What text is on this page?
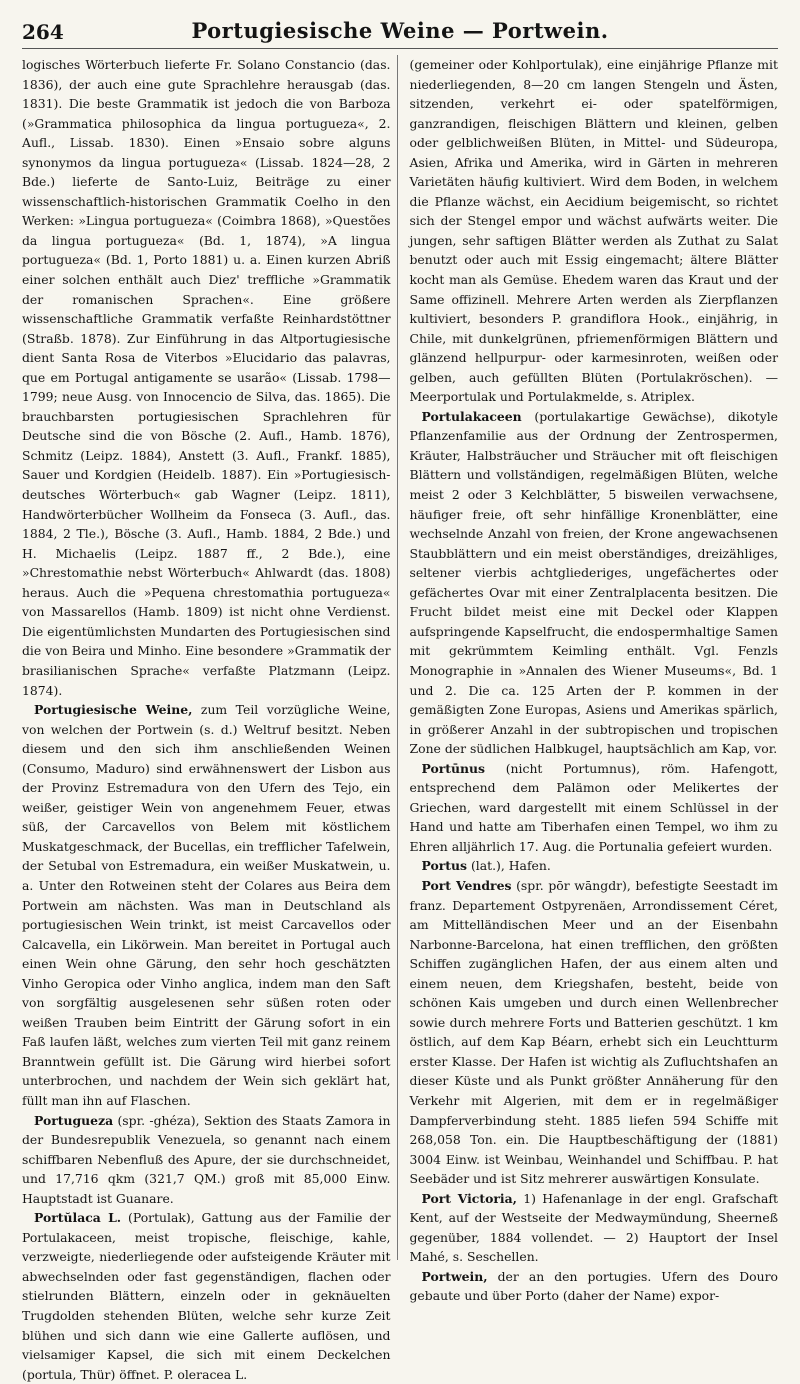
264	Portugiesische Weine — Portwein.

logisches Wörterbuch lieferte Fr. Solano Constancio (das. 1836), der auch eine gute Sprachlehre herausgab (das. 1831). Die beste Grammatik ist jedoch die von Barboza (»Grammatica philosophica da lingua portugueza«, 2. Aufl., Lissab. 1830). Einen »Ensaio sobre alguns synonymos da lingua portugueza« (Lissab. 1824—28, 2 Bde.) lieferte de Santo-Luiz, Beiträge zu einer wissenschaftlich-historischen Grammatik Coelho in den Werken: »Lingua portugueza« (Coimbra 1868), »Questões da lingua portugueza« (Bd. 1, 1874), »A lingua portugueza« (Bd. 1, Porto 1881) u. a. Einen kurzen Abriß einer solchen enthält auch Diez' treffliche »Grammatik der romanischen Sprachen«. Eine größere wissenschaftliche Grammatik verfaßte Reinhardstöttner (Straßb. 1878). Zur Einführung in das Altportugiesische dient Santa Rosa de Viterbos »Elucidario das palavras, que em Portugal antigamente se usarão« (Lissab. 1798—1799; neue Ausg. von Innocencio de Silva, das. 1865). Die brauchbarsten portugiesischen Sprachlehren für Deutsche sind die von Bösche (2. Aufl., Hamb. 1876), Schmitz (Leipz. 1884), Anstett (3. Aufl., Frankf. 1885), Sauer und Kordgien (Heidelb. 1887). Ein »Portugiesisch-deutsches Wörterbuch« gab Wagner (Leipz. 1811), Handwörterbücher Wollheim da Fonseca (3. Aufl., das. 1884, 2 Tle.), Bösche (3. Aufl., Hamb. 1884, 2 Bde.) und H. Michaelis (Leipz. 1887 ff., 2 Bde.), eine »Chrestomathie nebst Wörterbuch« Ahlwardt (das. 1808) heraus. Auch die »Pequena chrestomathia portugueza« von Massarellos (Hamb. 1809) ist nicht ohne Verdienst. Die eigentümlichsten Mundarten des Portugiesischen sind die von Beira und Minho. Eine besondere »Grammatik der brasilianischen Sprache« verfaßte Platzmann (Leipz. 1874).

Portugiesische Weine, zum Teil vorzügliche Weine, von welchen der Portwein (s. d.) Weltruf besitzt. Neben diesem und den sich ihm anschließenden Weinen (Consumo, Maduro) sind erwähnenswert der Lisbon aus der Provinz Estremadura von den Ufern des Tejo, ein weißer, geistiger Wein von angenehmem Feuer, etwas süß, der Carcavellos von Belem mit köstlichem Muskatgeschmack, der Bucellas, ein trefflicher Tafelwein, der Setubal von Estremadura, ein weißer Muskatwein, u. a. Unter den Rotweinen steht der Colares aus Beira dem Portwein am nächsten. Was man in Deutschland als portugiesischen Wein trinkt, ist meist Carcavellos oder Calcavella, ein Likörwein. Man bereitet in Portugal auch einen Wein ohne Gärung, den sehr hoch geschätzten Vinho Geropica oder Vinho anglica, indem man den Saft von sorgfältig ausgelesenen sehr süßen roten oder weißen Trauben beim Eintritt der Gärung sofort in ein Faß laufen läßt, welches zum vierten Teil mit ganz reinem Branntwein gefüllt ist. Die Gärung wird hierbei sofort unterbrochen, und nachdem der Wein sich geklärt hat, füllt man ihn auf Flaschen.

Portugueza (spr. -ghéza), Sektion des Staats Zamora in der Bundesrepublik Venezuela, so genannt nach einem schiffbaren Nebenfluß des Apure, der sie durchschneidet, und 17,716 qkm (321,7 QM.) groß mit 85,000 Einw. Hauptstadt ist Guanare.

Portŭlaca L. (Portulak), Gattung aus der Familie der Portulakaceen, meist tropische, fleischige, kahle, verzweigte, niederliegende oder aufsteigende Kräuter mit abwechselnden oder fast gegenständigen, flachen oder stielrunden Blättern, einzeln oder in geknäuelten Trugdolden stehenden Blüten, welche sehr kurze Zeit blühen und sich dann wie eine Gallerte auflösen, und vielsamiger Kapsel, die sich mit einem Deckelchen (portula, Thür) öffnet. P. oleracea L.

(gemeiner oder Kohlportulak), eine einjährige Pflanze mit niederliegenden, 8—20 cm langen Stengeln und Ästen, sitzenden, verkehrt ei- oder spatelförmigen, ganzrandigen, fleischigen Blättern und kleinen, gelben oder gelblichweißen Blüten, in Mittel- und Südeuropa, Asien, Afrika und Amerika, wird in Gärten in mehreren Varietäten häufig kultiviert. Wird dem Boden, in welchem die Pflanze wächst, ein Aecidium beigemischt, so richtet sich der Stengel empor und wächst aufwärts weiter. Die jungen, sehr saftigen Blätter werden als Zuthat zu Salat benutzt oder auch mit Essig eingemacht; ältere Blätter kocht man als Gemüse. Ehedem waren das Kraut und der Same offizinell. Mehrere Arten werden als Zierpflanzen kultiviert, besonders P. grandiflora Hook., einjährig, in Chile, mit dunkelgrünen, pfriemenförmigen Blättern und glänzend hellpurpur- oder karmesinroten, weißen oder gelben, auch gefüllten Blüten (Portulakröschen). — Meerportulak und Portulakmelde, s. Atriplex.

Portulakaceen (portulakartige Gewächse), dikotyle Pflanzenfamilie aus der Ordnung der Zentrospermen, Kräuter, Halbsträucher und Sträucher mit oft fleischigen Blättern und vollständigen, regelmäßigen Blüten, welche meist 2 oder 3 Kelchblätter, 5 bisweilen verwachsene, häufiger freie, oft sehr hinfällige Kronenblätter, eine wechselnde Anzahl von freien, der Krone angewachsenen Staubblättern und ein meist oberständiges, dreizähliges, seltener vierbis achtgliederiges, ungefächertes oder gefächertes Ovar mit einer Zentralplacenta besitzen. Die Frucht bildet meist eine mit Deckel oder Klappen aufspringende Kapselfrucht, die endospermhaltige Samen mit gekrümmtem Keimling enthält. Vgl. Fenzls Monographie in »Annalen des Wiener Museums«, Bd. 1 und 2. Die ca. 125 Arten der P. kommen in der gemäßigten Zone Europas, Asiens und Amerikas spärlich, in größerer Anzahl in der subtropischen und tropischen Zone der südlichen Halbkugel, hauptsächlich am Kap, vor.

Portūnus (nicht Portumnus), röm. Hafengott, entsprechend dem Palämon oder Melikertes der Griechen, ward dargestellt mit einem Schlüssel in der Hand und hatte am Tiberhafen einen Tempel, wo ihm zu Ehren alljährlich 17. Aug. die Portunalia gefeiert wurden.

Portus (lat.), Hafen.

Port Vendres (spr. pōr wāngdr), befestigte Seestadt im franz. Departement Ostpyrenäen, Arrondissement Céret, am Mittelländischen Meer und an der Eisenbahn Narbonne-Barcelona, hat einen trefflichen, den größten Schiffen zugänglichen Hafen, der aus einem alten und einem neuen, dem Kriegshafen, besteht, beide von schönen Kais umgeben und durch einen Wellenbrecher sowie durch mehrere Forts und Batterien geschützt. 1 km östlich, auf dem Kap Béarn, erhebt sich ein Leuchtturm erster Klasse. Der Hafen ist wichtig als Zufluchtshafen an dieser Küste und als Punkt größter Annäherung für den Verkehr mit Algerien, mit dem er in regelmäßiger Dampferverbindung steht. 1885 liefen 594 Schiffe mit 268,058 Ton. ein. Die Hauptbeschäftigung der (1881) 3004 Einw. ist Weinbau, Weinhandel und Schiffbau. P. hat Seebäder und ist Sitz mehrerer auswärtigen Konsulate.

Port Victoria, 1) Hafenanlage in der engl. Grafschaft Kent, auf der Westseite der Medwaymündung, Sheerneß gegenüber, 1884 vollendet. — 2) Hauptort der Insel Mahé, s. Seschellen.

Portwein, der an den portugies. Ufern des Douro gebaute und über Porto (daher der Name) expor-
